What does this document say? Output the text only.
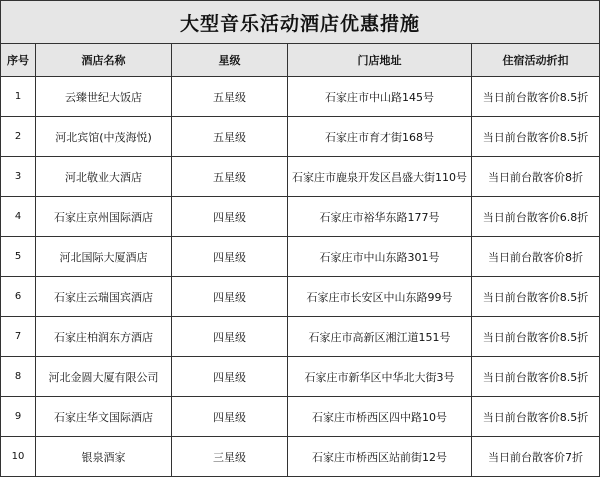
大型音乐活动酒店优惠措施				
序号	酒店名称	星级	门店地址	住宿活动折扣
1	云臻世纪大饭店	五星级	石家庄市中山路145号	当日前台散客价8.5折
2	河北宾馆(中茂海悦)	五星级	石家庄市育才街168号	当日前台散客价8.5折
3	河北敬业大酒店	五星级	石家庄市鹿泉开发区昌盛大街110号	当日前台散客价8折
4	石家庄京州国际酒店	四星级	石家庄市裕华东路177号	当日前台散客价6.8折
5	河北国际大厦酒店	四星级	石家庄市中山东路301号	当日前台散客价8折
6	石家庄云瑞国宾酒店	四星级	石家庄市长安区中山东路99号	当日前台散客价8.5折
7	石家庄柏润东方酒店	四星级	石家庄市高新区湘江道151号	当日前台散客价8.5折
8	河北金圆大厦有限公司	四星级	石家庄市新华区中华北大街3号	当日前台散客价8.5折
9	石家庄华文国际酒店	四星级	石家庄市桥西区四中路10号	当日前台散客价8.5折
10	银泉酒家	三星级	石家庄市桥西区站前街12号	当日前台散客价7折
